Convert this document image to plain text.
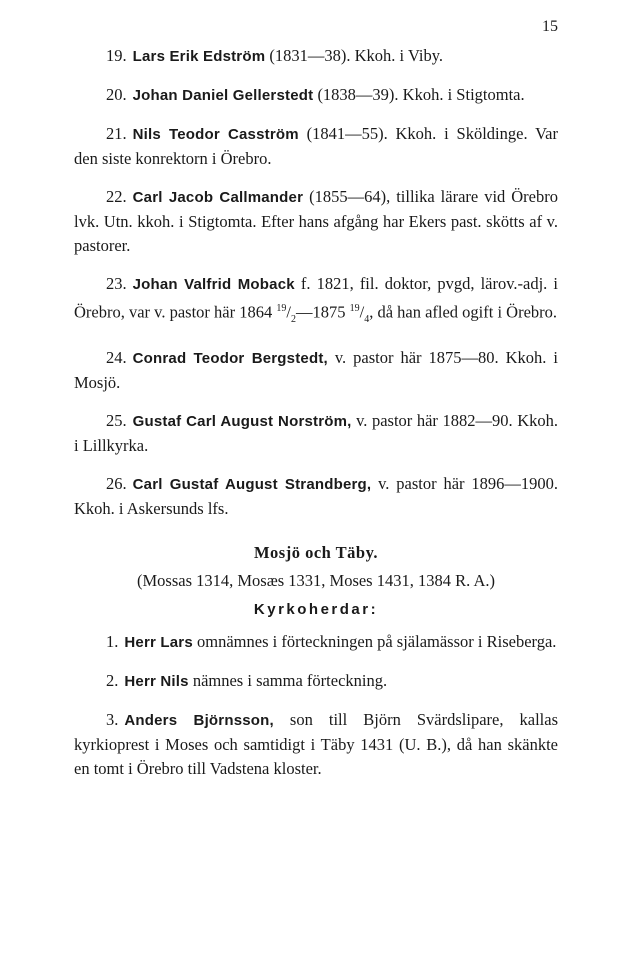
15
19. Lars Erik Edström (1831—38). Kkoh. i Viby.
20. Johan Daniel Gellerstedt (1838—39). Kkoh. i Stigtomta.
21. Nils Teodor Casström (1841—55). Kkoh. i Sköldinge. Var den siste konrektorn i Örebro.
22. Carl Jacob Callmander (1855—64), tillika lärare vid Örebro lvk. Utn. kkoh. i Stigtomta. Efter hans afgång har Ekers past. skötts af v. pastorer.
23. Johan Valfrid Moback f. 1821, fil. doktor, pvgd, lärov.-adj. i Örebro, var v. pastor här 1864 $^{19}/_2—1875$ $^{19}/_4$, då han afled ogift i Örebro.
24. Conrad Teodor Bergstedt, v. pastor här 1875—80. Kkoh. i Mosjö.
25. Gustaf Carl August Norström, v. pastor här 1882—90. Kkoh. i Lillkyrka.
26. Carl Gustaf August Strandberg, v. pastor här 1896—1900. Kkoh. i Askersunds lfs.
Mosjö och Täby.
(Mossas 1314, Mosæs 1331, Moses 1431, 1384 R. A.)
Kyrkoherdar:
1. Herr Lars omnämnes i förteckningen på själamässor i Riseberga.
2. Herr Nils nämnes i samma förteckning.
3. Anders Björnsson, son till Björn Svärdslipare, kallas kyrkioprest i Moses och samtidigt i Täby 1431 (U. B.), då han skänkte en tomt i Örebro till Vadstena kloster.
